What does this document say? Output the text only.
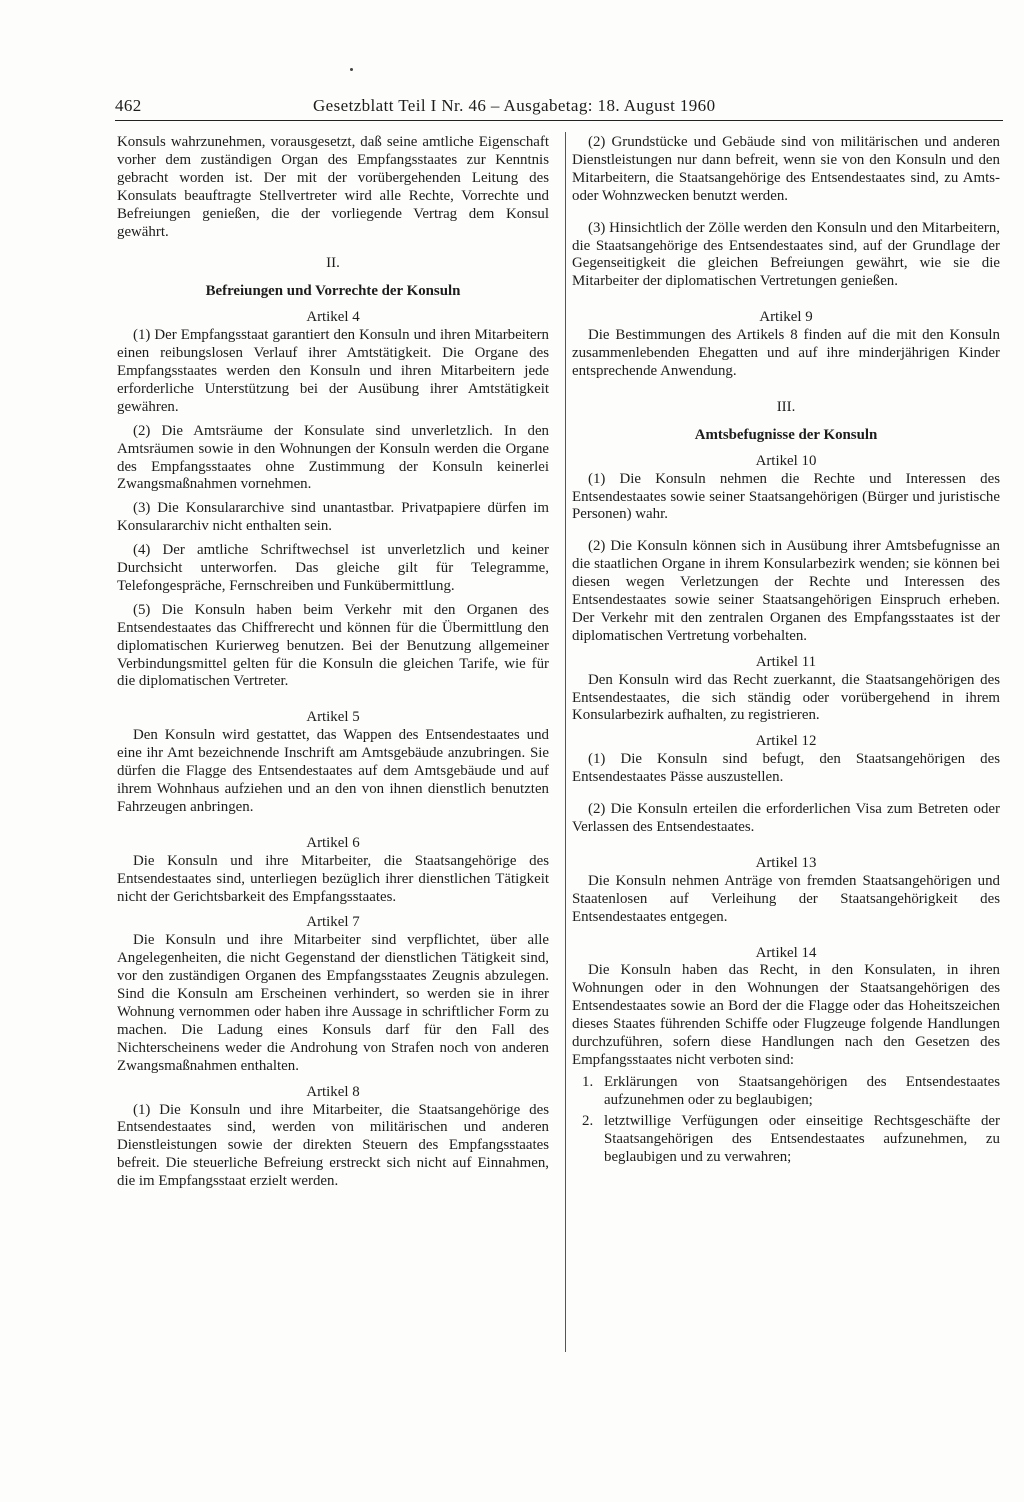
462	Gesetzblatt Teil I Nr. 46 – Ausgabetag: 18. August 1960

Konsuls wahrzunehmen, vorausgesetzt, daß seine amtliche Eigenschaft vorher dem zuständigen Organ des Empfangsstaates zur Kenntnis gebracht worden ist. Der mit der vorübergehenden Leitung des Konsulats beauftragte Stellvertreter wird alle Rechte, Vorrechte und Befreiungen genießen, die der vorliegende Vertrag dem Konsul gewährt.

II.
Befreiungen und Vorrechte der Konsuln
Artikel 4

(1) Der Empfangsstaat garantiert den Konsuln und ihren Mitarbeitern einen reibungslosen Verlauf ihrer Amtstätigkeit. Die Organe des Empfangsstaates werden den Konsuln und ihren Mitarbeitern jede erforderliche Unterstützung bei der Ausübung ihrer Amtstätigkeit gewähren.

(2) Die Amtsräume der Konsulate sind unverletzlich. In den Amtsräumen sowie in den Wohnungen der Konsuln werden die Organe des Empfangsstaates ohne Zustimmung der Konsuln keinerlei Zwangsmaßnahmen vornehmen.

(3) Die Konsulararchive sind unantastbar. Privatpapiere dürfen im Konsulararchiv nicht enthalten sein.

(4) Der amtliche Schriftwechsel ist unverletzlich und keiner Durchsicht unterworfen. Das gleiche gilt für Telegramme, Telefongespräche, Fernschreiben und Funkübermittlung.

(5) Die Konsuln haben beim Verkehr mit den Organen des Entsendestaates das Chiffrerecht und können für die Übermittlung den diplomatischen Kurierweg benutzen. Bei der Benutzung allgemeiner Verbindungsmittel gelten für die Konsuln die gleichen Tarife, wie für die diplomatischen Vertreter.

Artikel 5

Den Konsuln wird gestattet, das Wappen des Entsendestaates und eine ihr Amt bezeichnende Inschrift am Amtsgebäude anzubringen. Sie dürfen die Flagge des Entsendestaates auf dem Amtsgebäude und auf ihrem Wohnhaus aufziehen und an den von ihnen dienstlich benutzten Fahrzeugen anbringen.

Artikel 6

Die Konsuln und ihre Mitarbeiter, die Staatsangehörige des Entsendestaates sind, unterliegen bezüglich ihrer dienstlichen Tätigkeit nicht der Gerichtsbarkeit des Empfangsstaates.

Artikel 7

Die Konsuln und ihre Mitarbeiter sind verpflichtet, über alle Angelegenheiten, die nicht Gegenstand der dienstlichen Tätigkeit sind, vor den zuständigen Organen des Empfangsstaates Zeugnis abzulegen. Sind die Konsuln am Erscheinen verhindert, so werden sie in ihrer Wohnung vernommen oder haben ihre Aussage in schriftlicher Form zu machen. Die Ladung eines Konsuls darf für den Fall des Nichterscheinens weder die Androhung von Strafen noch von anderen Zwangsmaßnahmen enthalten.

Artikel 8

(1) Die Konsuln und ihre Mitarbeiter, die Staatsangehörige des Entsendestaates sind, werden von militärischen und anderen Dienstleistungen sowie der direkten Steuern des Empfangsstaates befreit. Die steuerliche Befreiung erstreckt sich nicht auf Einnahmen, die im Empfangsstaat erzielt werden.

(2) Grundstücke und Gebäude sind von militärischen und anderen Dienstleistungen nur dann befreit, wenn sie von den Konsuln und den Mitarbeitern, die Staatsangehörige des Entsendestaates sind, zu Amts- oder Wohnzwecken benutzt werden.

(3) Hinsichtlich der Zölle werden den Konsuln und den Mitarbeitern, die Staatsangehörige des Entsendestaates sind, auf der Grundlage der Gegenseitigkeit die gleichen Befreiungen gewährt, wie sie die Mitarbeiter der diplomatischen Vertretungen genießen.

Artikel 9

Die Bestimmungen des Artikels 8 finden auf die mit den Konsuln zusammenlebenden Ehegatten und auf ihre minderjährigen Kinder entsprechende Anwendung.

III.
Amtsbefugnisse der Konsuln
Artikel 10

(1) Die Konsuln nehmen die Rechte und Interessen des Entsendestaates sowie seiner Staatsangehörigen (Bürger und juristische Personen) wahr.

(2) Die Konsuln können sich in Ausübung ihrer Amtsbefugnisse an die staatlichen Organe in ihrem Konsularbezirk wenden; sie können bei diesen wegen Verletzungen der Rechte und Interessen des Entsendestaates sowie seiner Staatsangehörigen Einspruch erheben. Der Verkehr mit den zentralen Organen des Empfangsstaates ist der diplomatischen Vertretung vorbehalten.

Artikel 11

Den Konsuln wird das Recht zuerkannt, die Staatsangehörigen des Entsendestaates, die sich ständig oder vorübergehend in ihrem Konsularbezirk aufhalten, zu registrieren.

Artikel 12

(1) Die Konsuln sind befugt, den Staatsangehörigen des Entsendestaates Pässe auszustellen.

(2) Die Konsuln erteilen die erforderlichen Visa zum Betreten oder Verlassen des Entsendestaates.

Artikel 13

Die Konsuln nehmen Anträge von fremden Staatsangehörigen und Staatenlosen auf Verleihung der Staatsangehörigkeit des Entsendestaates entgegen.

Artikel 14

Die Konsuln haben das Recht, in den Konsulaten, in ihren Wohnungen oder in den Wohnungen der Staatsangehörigen des Entsendestaates sowie an Bord der die Flagge oder das Hoheitszeichen dieses Staates führenden Schiffe oder Flugzeuge folgende Handlungen durchzuführen, sofern diese Handlungen nach den Gesetzen des Empfangsstaates nicht verboten sind:

1. Erklärungen von Staatsangehörigen des Entsendestaates aufzunehmen oder zu beglaubigen;
2. letztwillige Verfügungen oder einseitige Rechtsgeschäfte der Staatsangehörigen des Entsendestaates aufzunehmen, zu beglaubigen und zu verwahren;
